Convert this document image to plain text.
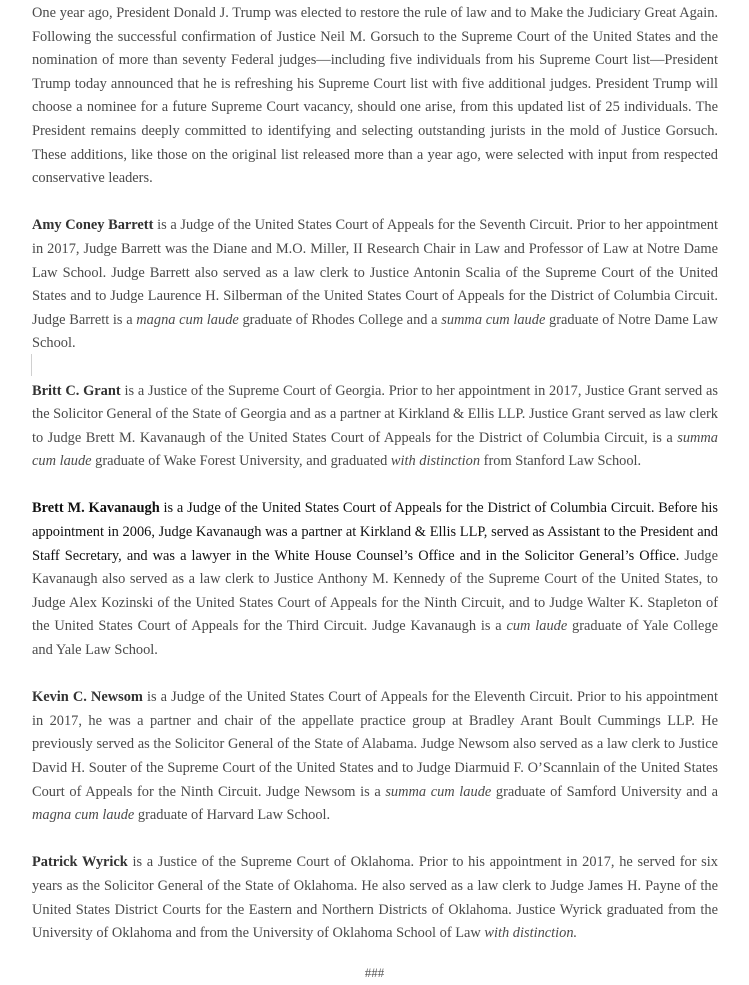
One year ago, President Donald J. Trump was elected to restore the rule of law and to Make the Judiciary Great Again. Following the successful confirmation of Justice Neil M. Gorsuch to the Supreme Court of the United States and the nomination of more than seventy Federal judges—including five individuals from his Supreme Court list—President Trump today announced that he is refreshing his Supreme Court list with five additional judges. President Trump will choose a nominee for a future Supreme Court vacancy, should one arise, from this updated list of 25 individuals. The President remains deeply committed to identifying and selecting outstanding jurists in the mold of Justice Gorsuch. These additions, like those on the original list released more than a year ago, were selected with input from respected conservative leaders.

Amy Coney Barrett is a Judge of the United States Court of Appeals for the Seventh Circuit. Prior to her appointment in 2017, Judge Barrett was the Diane and M.O. Miller, II Research Chair in Law and Professor of Law at Notre Dame Law School. Judge Barrett also served as a law clerk to Justice Antonin Scalia of the Supreme Court of the United States and to Judge Laurence H. Silberman of the United States Court of Appeals for the District of Columbia Circuit. Judge Barrett is a magna cum laude graduate of Rhodes College and a summa cum laude graduate of Notre Dame Law School.

Britt C. Grant is a Justice of the Supreme Court of Georgia. Prior to her appointment in 2017, Justice Grant served as the Solicitor General of the State of Georgia and as a partner at Kirkland & Ellis LLP. Justice Grant served as law clerk to Judge Brett M. Kavanaugh of the United States Court of Appeals for the District of Columbia Circuit, is a summa cum laude graduate of Wake Forest University, and graduated with distinction from Stanford Law School.

Brett M. Kavanaugh is a Judge of the United States Court of Appeals for the District of Columbia Circuit. Before his appointment in 2006, Judge Kavanaugh was a partner at Kirkland & Ellis LLP, served as Assistant to the President and Staff Secretary, and was a lawyer in the White House Counsel’s Office and in the Solicitor General’s Office. Judge Kavanaugh also served as a law clerk to Justice Anthony M. Kennedy of the Supreme Court of the United States, to Judge Alex Kozinski of the United States Court of Appeals for the Ninth Circuit, and to Judge Walter K. Stapleton of the United States Court of Appeals for the Third Circuit. Judge Kavanaugh is a cum laude graduate of Yale College and Yale Law School.

Kevin C. Newsom is a Judge of the United States Court of Appeals for the Eleventh Circuit. Prior to his appointment in 2017, he was a partner and chair of the appellate practice group at Bradley Arant Boult Cummings LLP. He previously served as the Solicitor General of the State of Alabama. Judge Newsom also served as a law clerk to Justice David H. Souter of the Supreme Court of the United States and to Judge Diarmuid F. O’Scannlain of the United States Court of Appeals for the Ninth Circuit. Judge Newsom is a summa cum laude graduate of Samford University and a magna cum laude graduate of Harvard Law School.

Patrick Wyrick is a Justice of the Supreme Court of Oklahoma. Prior to his appointment in 2017, he served for six years as the Solicitor General of the State of Oklahoma. He also served as a law clerk to Judge James H. Payne of the United States District Courts for the Eastern and Northern Districts of Oklahoma. Justice Wyrick graduated from the University of Oklahoma and from the University of Oklahoma School of Law with distinction.

###
